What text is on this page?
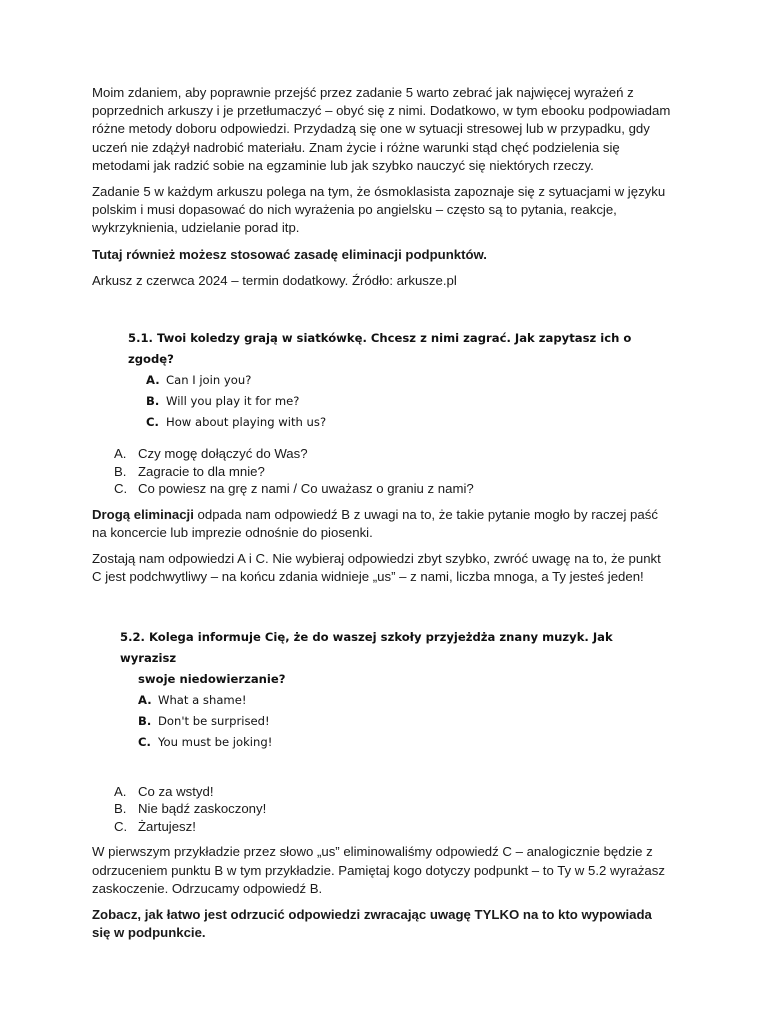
Moim zdaniem, aby poprawnie przejść przez zadanie 5 warto zebrać jak najwięcej wyrażeń z poprzednich arkuszy i je przetłumaczyć – obyć się z nimi. Dodatkowo, w tym ebooku podpowiadam różne metody doboru odpowiedzi. Przydadzą się one w sytuacji stresowej lub w przypadku, gdy uczeń nie zdążył nadrobić materiału. Znam życie i różne warunki stąd chęć podzielenia się metodami jak radzić sobie na egzaminie lub jak szybko nauczyć się niektórych rzeczy.

Zadanie 5 w każdym arkuszu polega na tym, że ósmoklasista zapoznaje się z sytuacjami w języku polskim i musi dopasować do nich wyrażenia po angielsku – często są to pytania, reakcje, wykrzyknienia, udzielanie porad itp.

Tutaj również możesz stosować zasadę eliminacji podpunktów.

Arkusz z czerwca 2024 – termin dodatkowy. Źródło: arkusze.pl

5.1. Twoi koledzy grają w siatkówkę. Chcesz z nimi zagrać. Jak zapytasz ich o zgodę?
A. Can I join you?
B. Will you play it for me?
C. How about playing with us?
A. Czy mogę dołączyć do Was?
B. Zagracie to dla mnie?
C. Co powiesz na grę z nami / Co uważasz o graniu z nami?

Drogą eliminacji odpada nam odpowiedź B z uwagi na to, że takie pytanie mogło by raczej paść na koncercie lub imprezie odnośnie do piosenki.

Zostają nam odpowiedzi A i C. Nie wybieraj odpowiedzi zbyt szybko, zwróć uwagę na to, że punkt C jest podchwytliwy – na końcu zdania widnieje „us” – z nami, liczba mnoga, a Ty jesteś jeden!

5.2. Kolega informuje Cię, że do waszej szkoły przyjeżdża znany muzyk. Jak wyrazisz
swoje niedowierzanie?
A. What a shame!
B. Don't be surprised!
C. You must be joking!
A. Co za wstyd!
B. Nie bądź zaskoczony!
C. Żartujesz!

W pierwszym przykładzie przez słowo „us” eliminowaliśmy odpowiedź C – analogicznie będzie z odrzuceniem punktu B w tym przykładzie. Pamiętaj kogo dotyczy podpunkt – to Ty w 5.2 wyrażasz zaskoczenie. Odrzucamy odpowiedź B.

Zobacz, jak łatwo jest odrzucić odpowiedzi zwracając uwagę TYLKO na to kto wypowiada się w podpunkcie.
